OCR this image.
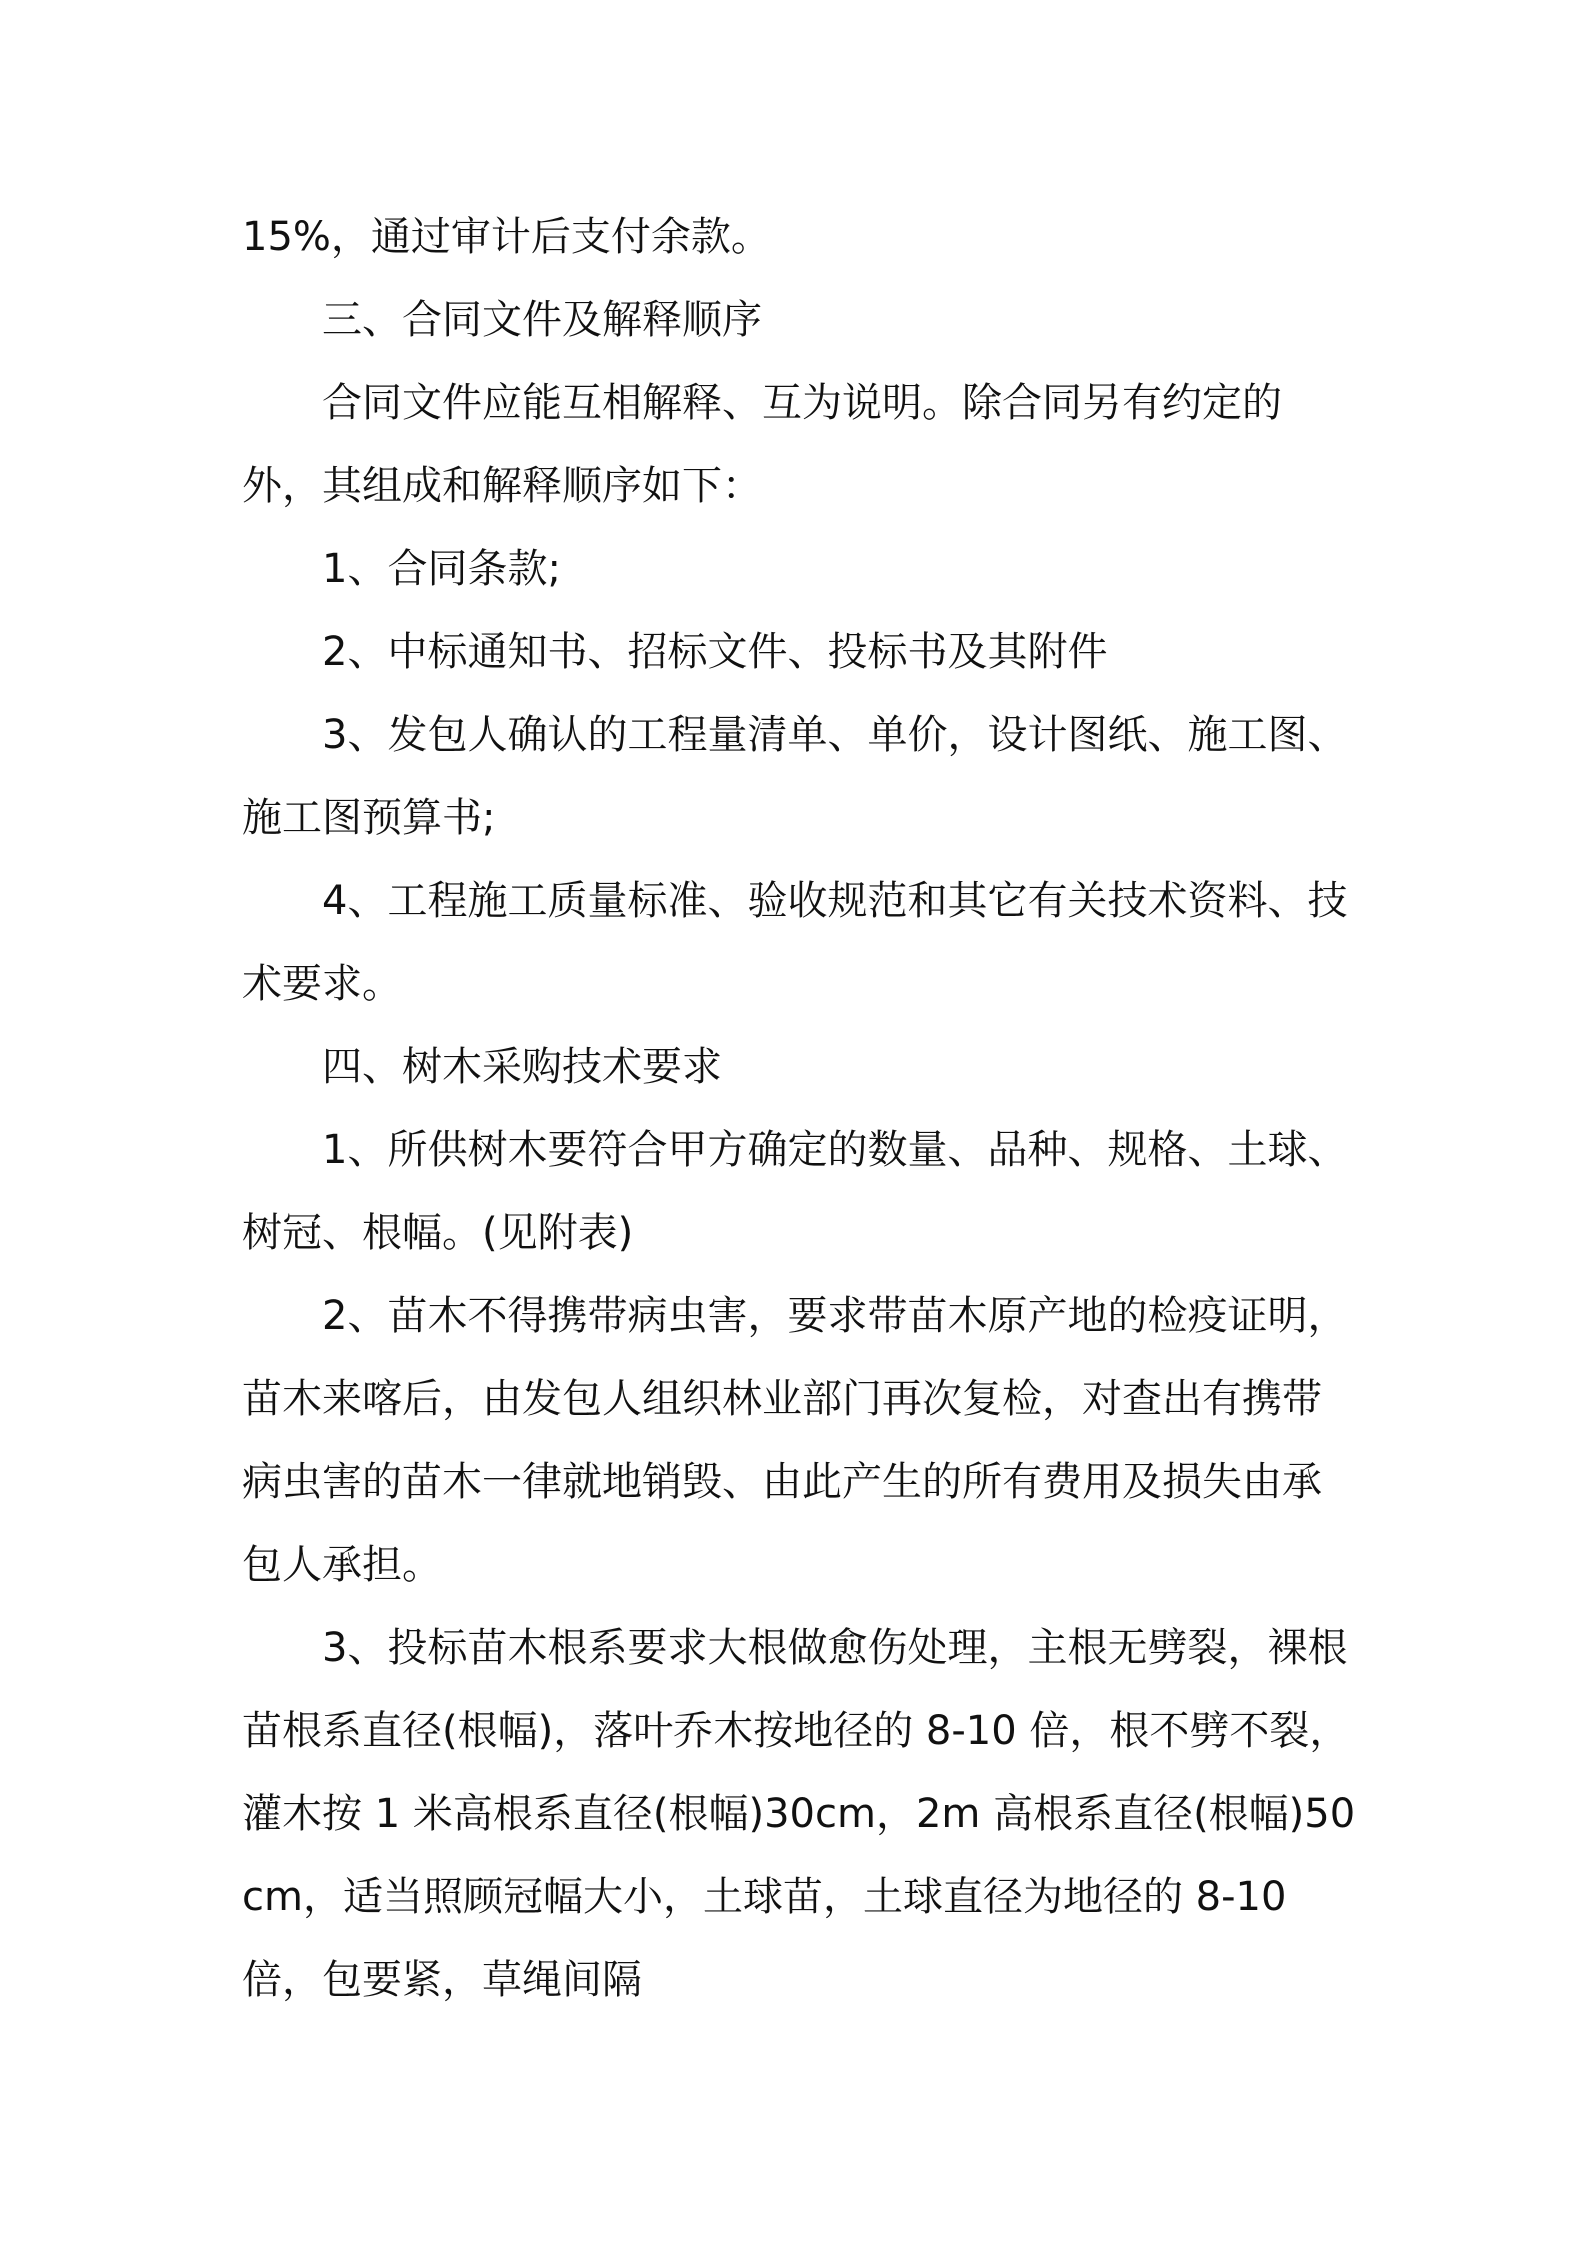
15%，通过审计后支付余款。

三、合同文件及解释顺序

合同文件应能互相解释、互为说明。除合同另有约定的外，其组成和解释顺序如下：

1、合同条款;

2、中标通知书、招标文件、投标书及其附件

3、发包人确认的工程量清单、单价，设计图纸、施工图、施工图预算书;

4、工程施工质量标准、验收规范和其它有关技术资料、技术要求。

四、树木采购技术要求

1、所供树木要符合甲方确定的数量、品种、规格、土球、树冠、根幅。(见附表)

2、苗木不得携带病虫害，要求带苗木原产地的检疫证明，苗木来喀后，由发包人组织林业部门再次复检，对查出有携带病虫害的苗木一律就地销毁、由此产生的所有费用及损失由承包人承担。

3、投标苗木根系要求大根做愈伤处理，主根无劈裂，裸根苗根系直径(根幅)，落叶乔木按地径的 8-10 倍，根不劈不裂，灌木按 1 米高根系直径(根幅)30cm，2m 高根系直径(根幅)50cm，适当照顾冠幅大小，土球苗，土球直径为地径的 8-10 倍，包要紧，草绳间隔
